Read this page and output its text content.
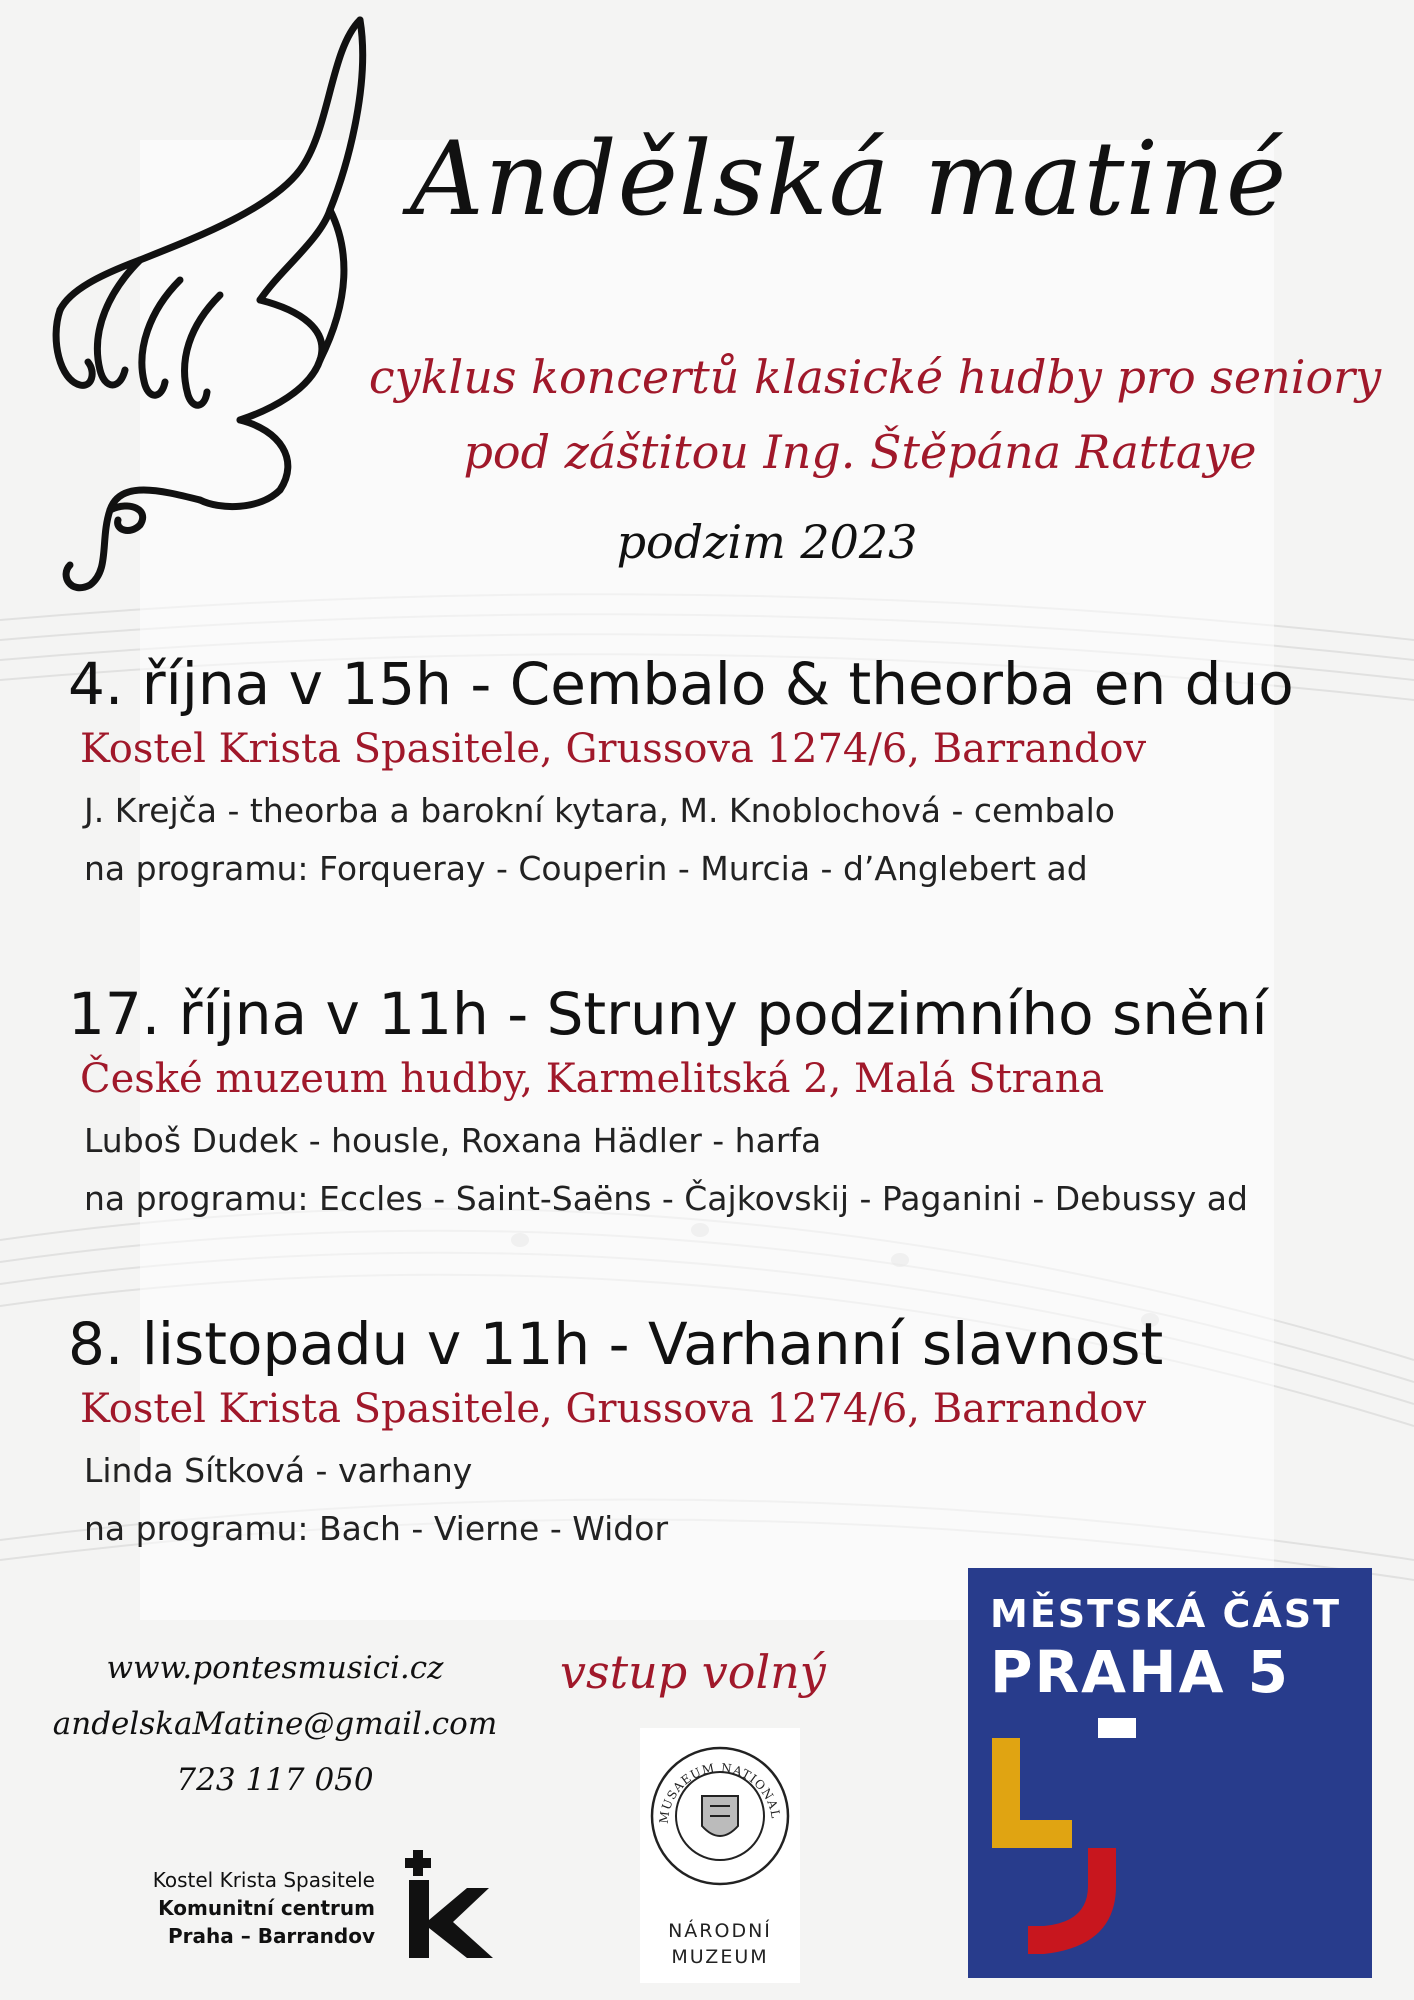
Andělská matiné
cyklus koncertů klasické hudby pro seniory
pod záštitou Ing. Štěpána Rattaye
podzim 2023
4. října v 15h - Cembalo & theorba en duo
Kostel Krista Spasitele, Grussova 1274/6, Barrandov
J. Krejča - theorba a barokní kytara, M. Knoblochová - cembalo
na programu: Forqueray - Couperin - Murcia - d’Anglebert ad
17. října v 11h - Struny podzimního snění
České muzeum hudby, Karmelitská 2, Malá Strana
Luboš Dudek - housle, Roxana Hädler - harfa
na programu: Eccles - Saint-Saëns - Čajkovskij - Paganini - Debussy ad
8. listopadu v 11h - Varhanní slavnost
Kostel Krista Spasitele, Grussova 1274/6, Barrandov
Linda Sítková - varhany
na programu: Bach - Vierne - Widor
www.pontesmusici.cz
andelskaMatine@gmail.com
723 117 050
vstup volný
Kostel Krista Spasitele
Komunitní centrum
Praha – Barrandov
MUSAEUM NATIONAL
NÁRODNÍ
MUZEUM
MĚSTSKÁ ČÁST
PRAHA 5
